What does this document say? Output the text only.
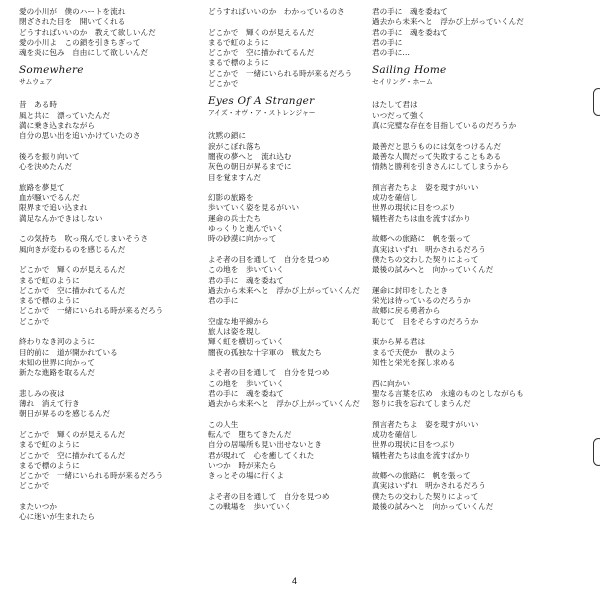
愛の小川が　僕のハートを流れ
閉ざされた目を　開いてくれる
どうすればいいのか　教えて欲しいんだ
愛の小川よ　この鎖を引きちぎって
魂を炎に包み　自由にして欲しいんだ
Somewhere
サムウェア
昔　ある時
風と共に　漂っていたんだ
満に乗き込まれながら
自分の思い出を追いかけていたのさ
後ろを振り向いて
心を決めたんだ
旅路を夢見て
血が騒いでるんだ
限界まで追い込まれ
満足なんかできはしない
この気持ち　吹っ飛んでしまいそうさ
風向きが変わるのを感じるんだ
どこかで　輝くのが見えるんだ
まるで虹のように
どこかで　空に描かれてるんだ
まるで標のように
どこかで　一緒にいられる時が来るだろう
どこかで
終わりなき河のように
目的前に　道が開かれている
未知の世界に向かって
新たな進路を取るんだ
悲しみの夜は
薄れ　消えて行き
朝日が昇るのを感じるんだ
どこかで　輝くのが見えるんだ
まるで虹のように
どこかで　空に描かれてるんだ
まるで標のように
どこかで　一緒にいられる時が来るだろう
どこかで
またいつか
心に迷いが生まれたら
どうすればいいのか　わかっているのさ
どこかで　輝くのが見えるんだ
まるで虹のように
どこかで　空に描かれてるんだ
まるで標のように
どこかで　一緒にいられる時が来るだろう
どこかで
Eyes Of A Stranger
アイズ・オヴ・ア・ストレンジャー
沈黙の鎖に
涙がこぼれ落ち
闇夜の夢へと　流れ込む
灰色の朝日が昇るまでに
目を覚ますんだ
幻影の旅路を
歩いていく姿を見るがいい
運命の兵士たち
ゆっくりと進んでいく
時の砂漠に向かって
よそ者の目を通して　自分を見つめ
この地を　歩いていく
君の手に　魂を委ねて
過去から未来へと　浮かび上がっていくんだ
君の手に
空虚な地平線から
旅人は姿を現し
輝く虹を横切っていく
闇夜の孤独な十字軍の　戦友たち
よそ者の目を通して　自分を見つめ
この地を　歩いていく
君の手に　魂を委ねて
過去から未来へと　浮かび上がっていくんだ
この人生
転んで　堕ちてきたんだ
自分の居場所も見い出せないとき
君が現れて　心を癒してくれた
いつか　時が来たら
きっとその場に行くよ
よそ者の目を通して　自分を見つめ
この戦場を　歩いていく
君の手に　魂を委ねて
過去から未来へと　浮かび上がっていくんだ
君の手に　魂を委ねて
君の手に
君の手に…
Sailing Home
セイリング・ホーム
はたして君は
いつだって強く
真に完璧な存在を目指しているのだろうか
最善だと思うものには気をつけるんだ
最善な人間だって失敗することもある
情熱と勝利を引きさんにしてしまうから
預言者たちよ　姿を現すがいい
成功を確信し
世界の現状に目をつぶり
犠牲者たちは血を流すばかり
故郷への旅路に　帆を張って
真実はいずれ　明かされるだろう
僕たちの交わした契りによって
最後の試みへと　向かっていくんだ
運命に封印をしたとき
栄光は待っているのだろうか
故郷に戻る勇者から
恥じて　目をそらすのだろうか
東から昇る君は
まるで天使か　獣のよう
知性と栄光を探し求める
西に向かい
聖なる言葉を広め　永遠のものとしながらも
怒りに我を忘れてしまうんだ
預言者たちよ　姿を現すがいい
成功を確信し
世界の現状に目をつぶり
犠牲者たちは血を流すばかり
故郷への旅路に　帆を張って
真実はいずれ　明かされるだろう
僕たちの交わした契りによって
最後の試みへと　向かっていくんだ
4
